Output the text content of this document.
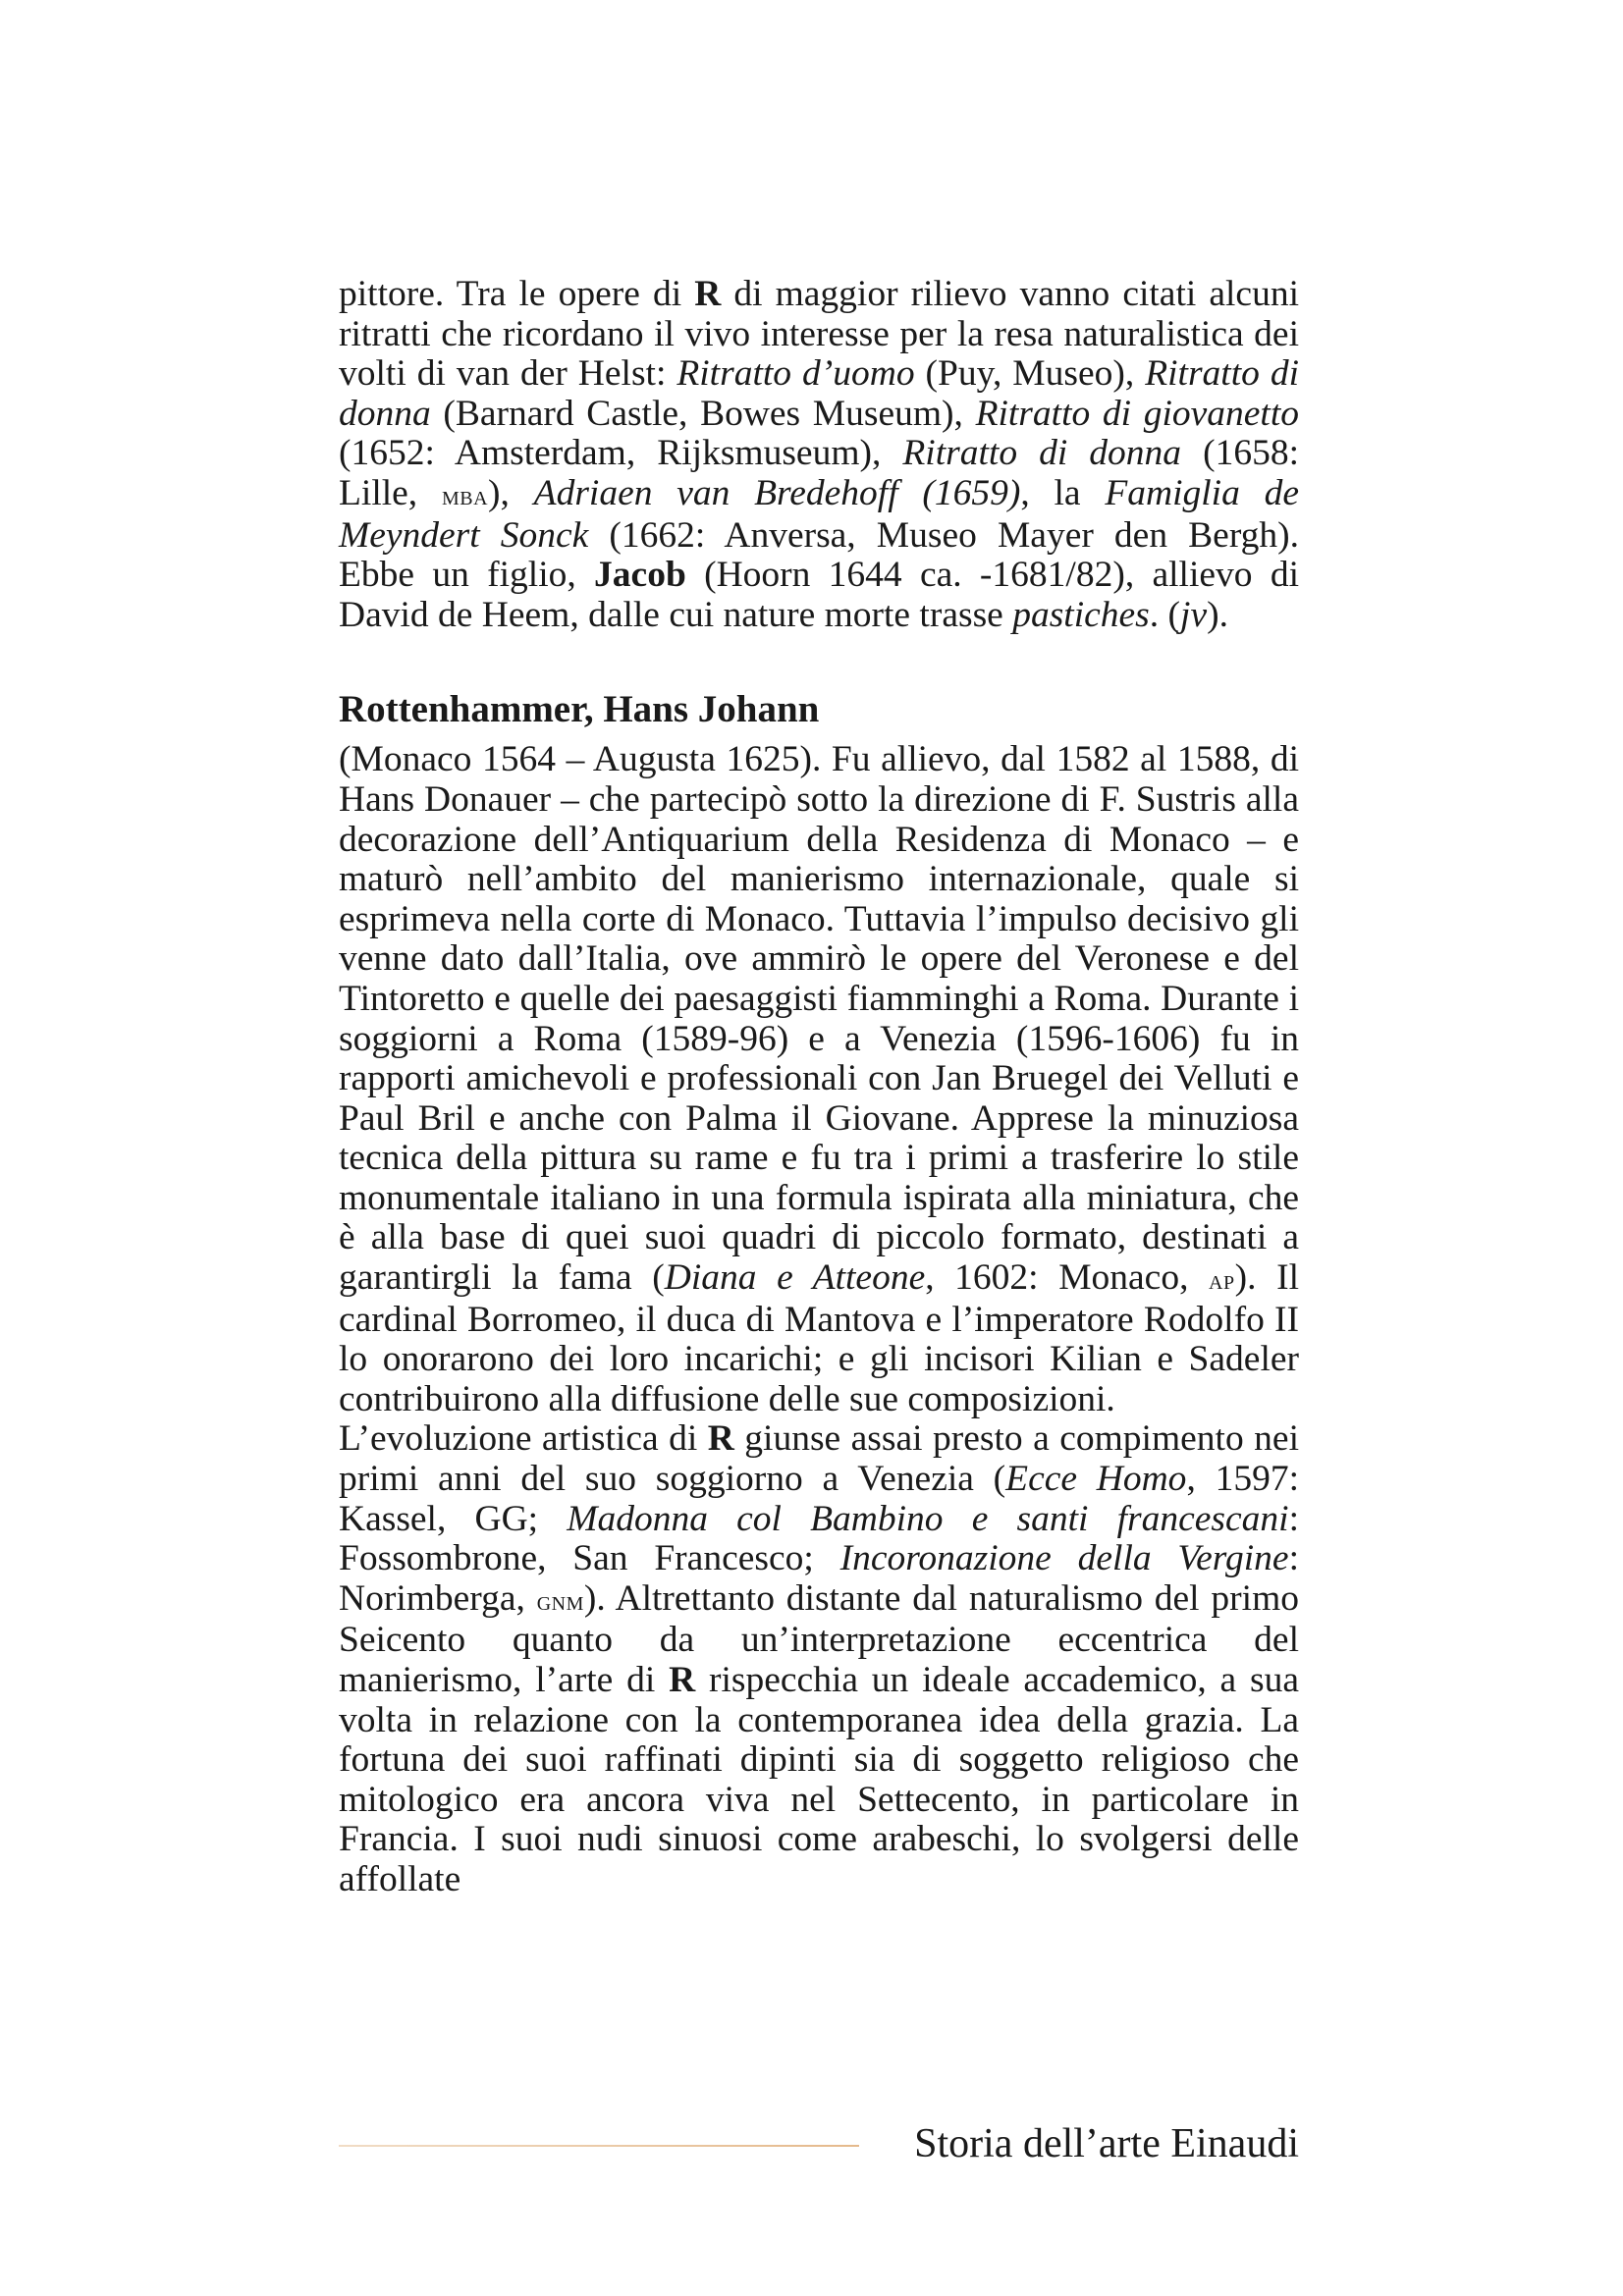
pittore. Tra le opere di R di maggior rilievo vanno citati alcuni ritratti che ricordano il vivo interesse per la resa naturalistica dei volti di van der Helst: Ritratto d’uomo (Puy, Museo), Ritratto di donna (Barnard Castle, Bowes Museum), Ritratto di giovanetto (1652: Amsterdam, Rijksmuseum), Ritratto di donna (1658: Lille, mba), Adriaen van Bredehoff (1659), la Famiglia de Meyndert Sonck (1662: Anversa, Museo Mayer den Bergh). Ebbe un figlio, Jacob (Hoorn 1644 ca. -1681/82), allievo di David de Heem, dalle cui nature morte trasse pastiches. (jv).

Rottenhammer, Hans Johann

(Monaco 1564 – Augusta 1625). Fu allievo, dal 1582 al 1588, di Hans Donauer – che partecipò sotto la direzione di F. Sustris alla decorazione dell’Antiquarium della Residenza di Monaco – e maturò nell’ambito del manierismo internazionale, quale si esprimeva nella corte di Monaco. Tuttavia l’impulso decisivo gli venne dato dall’Italia, ove ammirò le opere del Veronese e del Tintoretto e quelle dei paesaggisti fiamminghi a Roma. Durante i soggiorni a Roma (1589-96) e a Venezia (1596-1606) fu in rapporti amichevoli e professionali con Jan Bruegel dei Velluti e Paul Bril e anche con Palma il Giovane. Apprese la minuziosa tecnica della pittura su rame e fu tra i primi a trasferire lo stile monumentale italiano in una formula ispirata alla miniatura, che è alla base di quei suoi quadri di piccolo formato, destinati a garantirgli la fama (Diana e Atteone, 1602: Monaco, ap). Il cardinal Borromeo, il duca di Mantova e l’imperatore Rodolfo II lo onorarono dei loro incarichi; e gli incisori Kilian e Sadeler contribuirono alla diffusione delle sue composizioni.

L’evoluzione artistica di R giunse assai presto a compimento nei primi anni del suo soggiorno a Venezia (Ecce Homo, 1597: Kassel, GG; Madonna col Bambino e santi francescani: Fossombrone, San Francesco; Incoronazione della Vergine: Norimberga, gnm). Altrettanto distante dal naturalismo del primo Seicento quanto da un’interpretazione eccentrica del manierismo, l’arte di R rispecchia un ideale accademico, a sua volta in relazione con la contemporanea idea della grazia. La fortuna dei suoi raffinati dipinti sia di soggetto religioso che mitologico era ancora viva nel Settecento, in particolare in Francia. I suoi nudi sinuosi come arabeschi, lo svolgersi delle affollate

Storia dell’arte Einaudi
